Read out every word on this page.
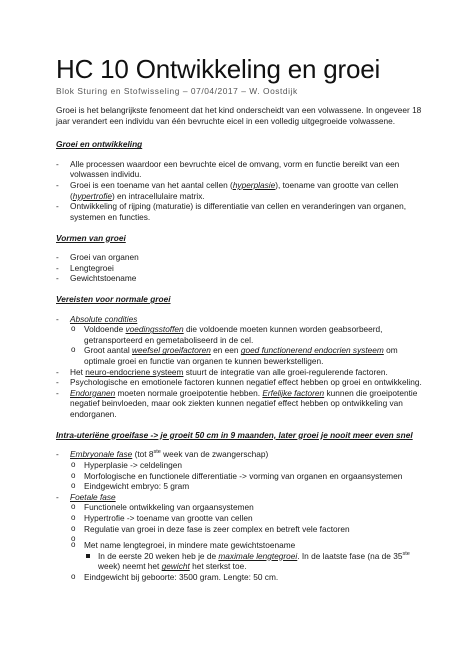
HC 10 Ontwikkeling en groei
Blok Sturing en Stofwisseling – 07/04/2017 – W. Oostdijk

Groei is het belangrijkste fenomeent dat het kind onderscheidt van een volwassene. In ongeveer 18 jaar verandert een individu van één bevruchte eicel in een volledig uitgegroeide volwassene.

Groei en ontwikkeling
- Alle processen waardoor een bevruchte eicel de omvang, vorm en functie bereikt van een volwassen individu.
- Groei is een toename van het aantal cellen (hyperplasie), toename van grootte van cellen (hypertrofie) en intracellulaire matrix.
- Ontwikkeling of rijping (maturatie) is differentiatie van cellen en veranderingen van organen, systemen en functies.
Vormen van groei
- Groei van organen
- Lengtegroei
- Gewichtstoename
Vereisten voor normale groei
- Absolute condities
o Voldoende voedingsstoffen die voldoende moeten kunnen worden geabsorbeerd, getransporteerd en gemetaboliseerd in de cel.
o Groot aantal weefsel groeifactoren en een goed functionerend endocrien systeem om optimale groei en functie van organen te kunnen bewerkstelligen.
- Het neuro-endocriene systeem stuurt de integratie van alle groei-regulerende factoren.
- Psychologische en emotionele factoren kunnen negatief effect hebben op groei en ontwikkeling.
- Endorganen moeten normale groeipotentie hebben. Erfelijke factoren kunnen die groeipotentie negatief beinvloeden, maar ook ziekten kunnen negatief effect hebben op ontwikkeling van endorganen.
Intra-uteriëne groeifase -> je groeit 50 cm in 9 maanden, later groei je nooit meer even snel
- Embryonale fase (tot 8ste week van de zwangerschap)
o Hyperplasie -> celdelingen
o Morfologische en functionele differentiatie -> vorming van organen en orgaansystemen
o Eindgewicht embryo: 5 gram
- Foetale fase
o Functionele ontwikkeling van orgaansystemen
o Hypertrofie -> toename van grootte van cellen
o Regulatie van groei in deze fase is zeer complex en betreft vele factoren
o
o Met name lengtegroei, in mindere mate gewichtstoename
In de eerste 20 weken heb je de maximale lengtegroei. In de laatste fase (na de 35ste week) neemt het gewicht het sterkst toe.
o Eindgewicht bij geboorte: 3500 gram. Lengte: 50 cm.
